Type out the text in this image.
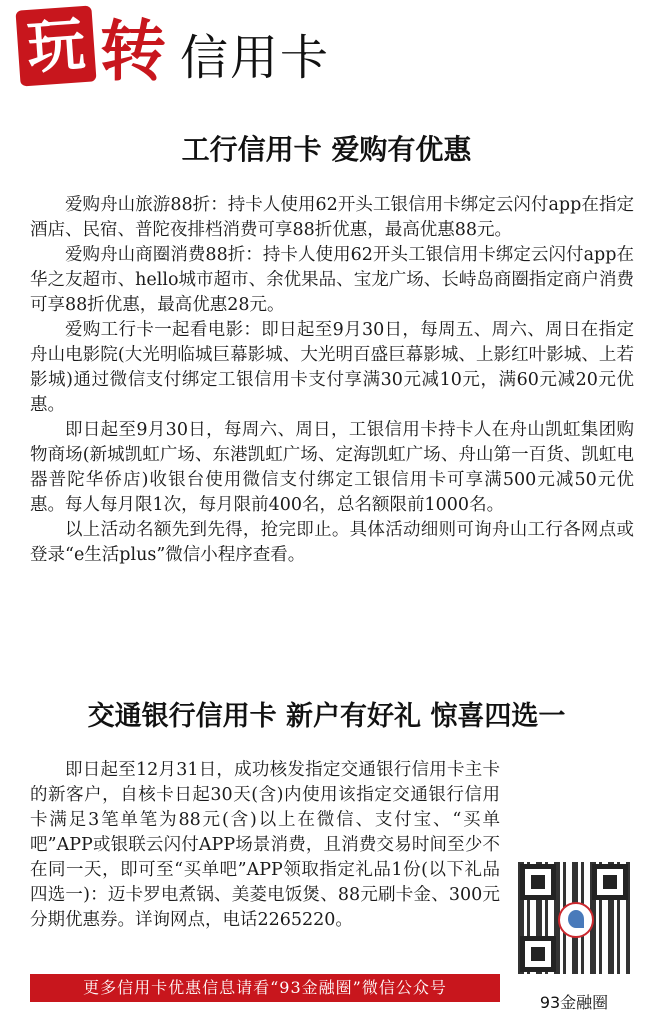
玩 转 信用卡
工行信用卡 爱购有优惠

爱购舟山旅游88折：持卡人使用62开头工银信用卡绑定云闪付app在指定酒店、民宿、普陀夜排档消费可享88折优惠，最高优惠88元。

爱购舟山商圈消费88折：持卡人使用62开头工银信用卡绑定云闪付app在华之友超市、hello城市超市、余优果品、宝龙广场、长峙岛商圈指定商户消费可享88折优惠，最高优惠28元。

爱购工行卡一起看电影：即日起至9月30日，每周五、周六、周日在指定舟山电影院(大光明临城巨幕影城、大光明百盛巨幕影城、上影红叶影城、上若影城)通过微信支付绑定工银信用卡支付享满30元减10元，满60元减20元优惠。

即日起至9月30日，每周六、周日，工银信用卡持卡人在舟山凯虹集团购物商场(新城凯虹广场、东港凯虹广场、定海凯虹广场、舟山第一百货、凯虹电器普陀华侨店)收银台使用微信支付绑定工银信用卡可享满500元减50元优惠。每人每月限1次，每月限前400名，总名额限前1000名。

以上活动名额先到先得，抢完即止。具体活动细则可询舟山工行各网点或登录“e生活plus”微信小程序查看。

交通银行信用卡 新户有好礼 惊喜四选一

即日起至12月31日，成功核发指定交通银行信用卡主卡的新客户，自核卡日起30天(含)内使用该指定交通银行信用卡满足3笔单笔为88元(含)以上在微信、支付宝、“买单吧”APP或银联云闪付APP场景消费，且消费交易时间至少不在同一天，即可至“买单吧”APP领取指定礼品1份(以下礼品四选一)：迈卡罗电煮锅、美菱电饭煲、88元刷卡金、300元分期优惠券。详询网点，电话2265220。

更多信用卡优惠信息请看“93金融圈”微信公众号
93金融圈
